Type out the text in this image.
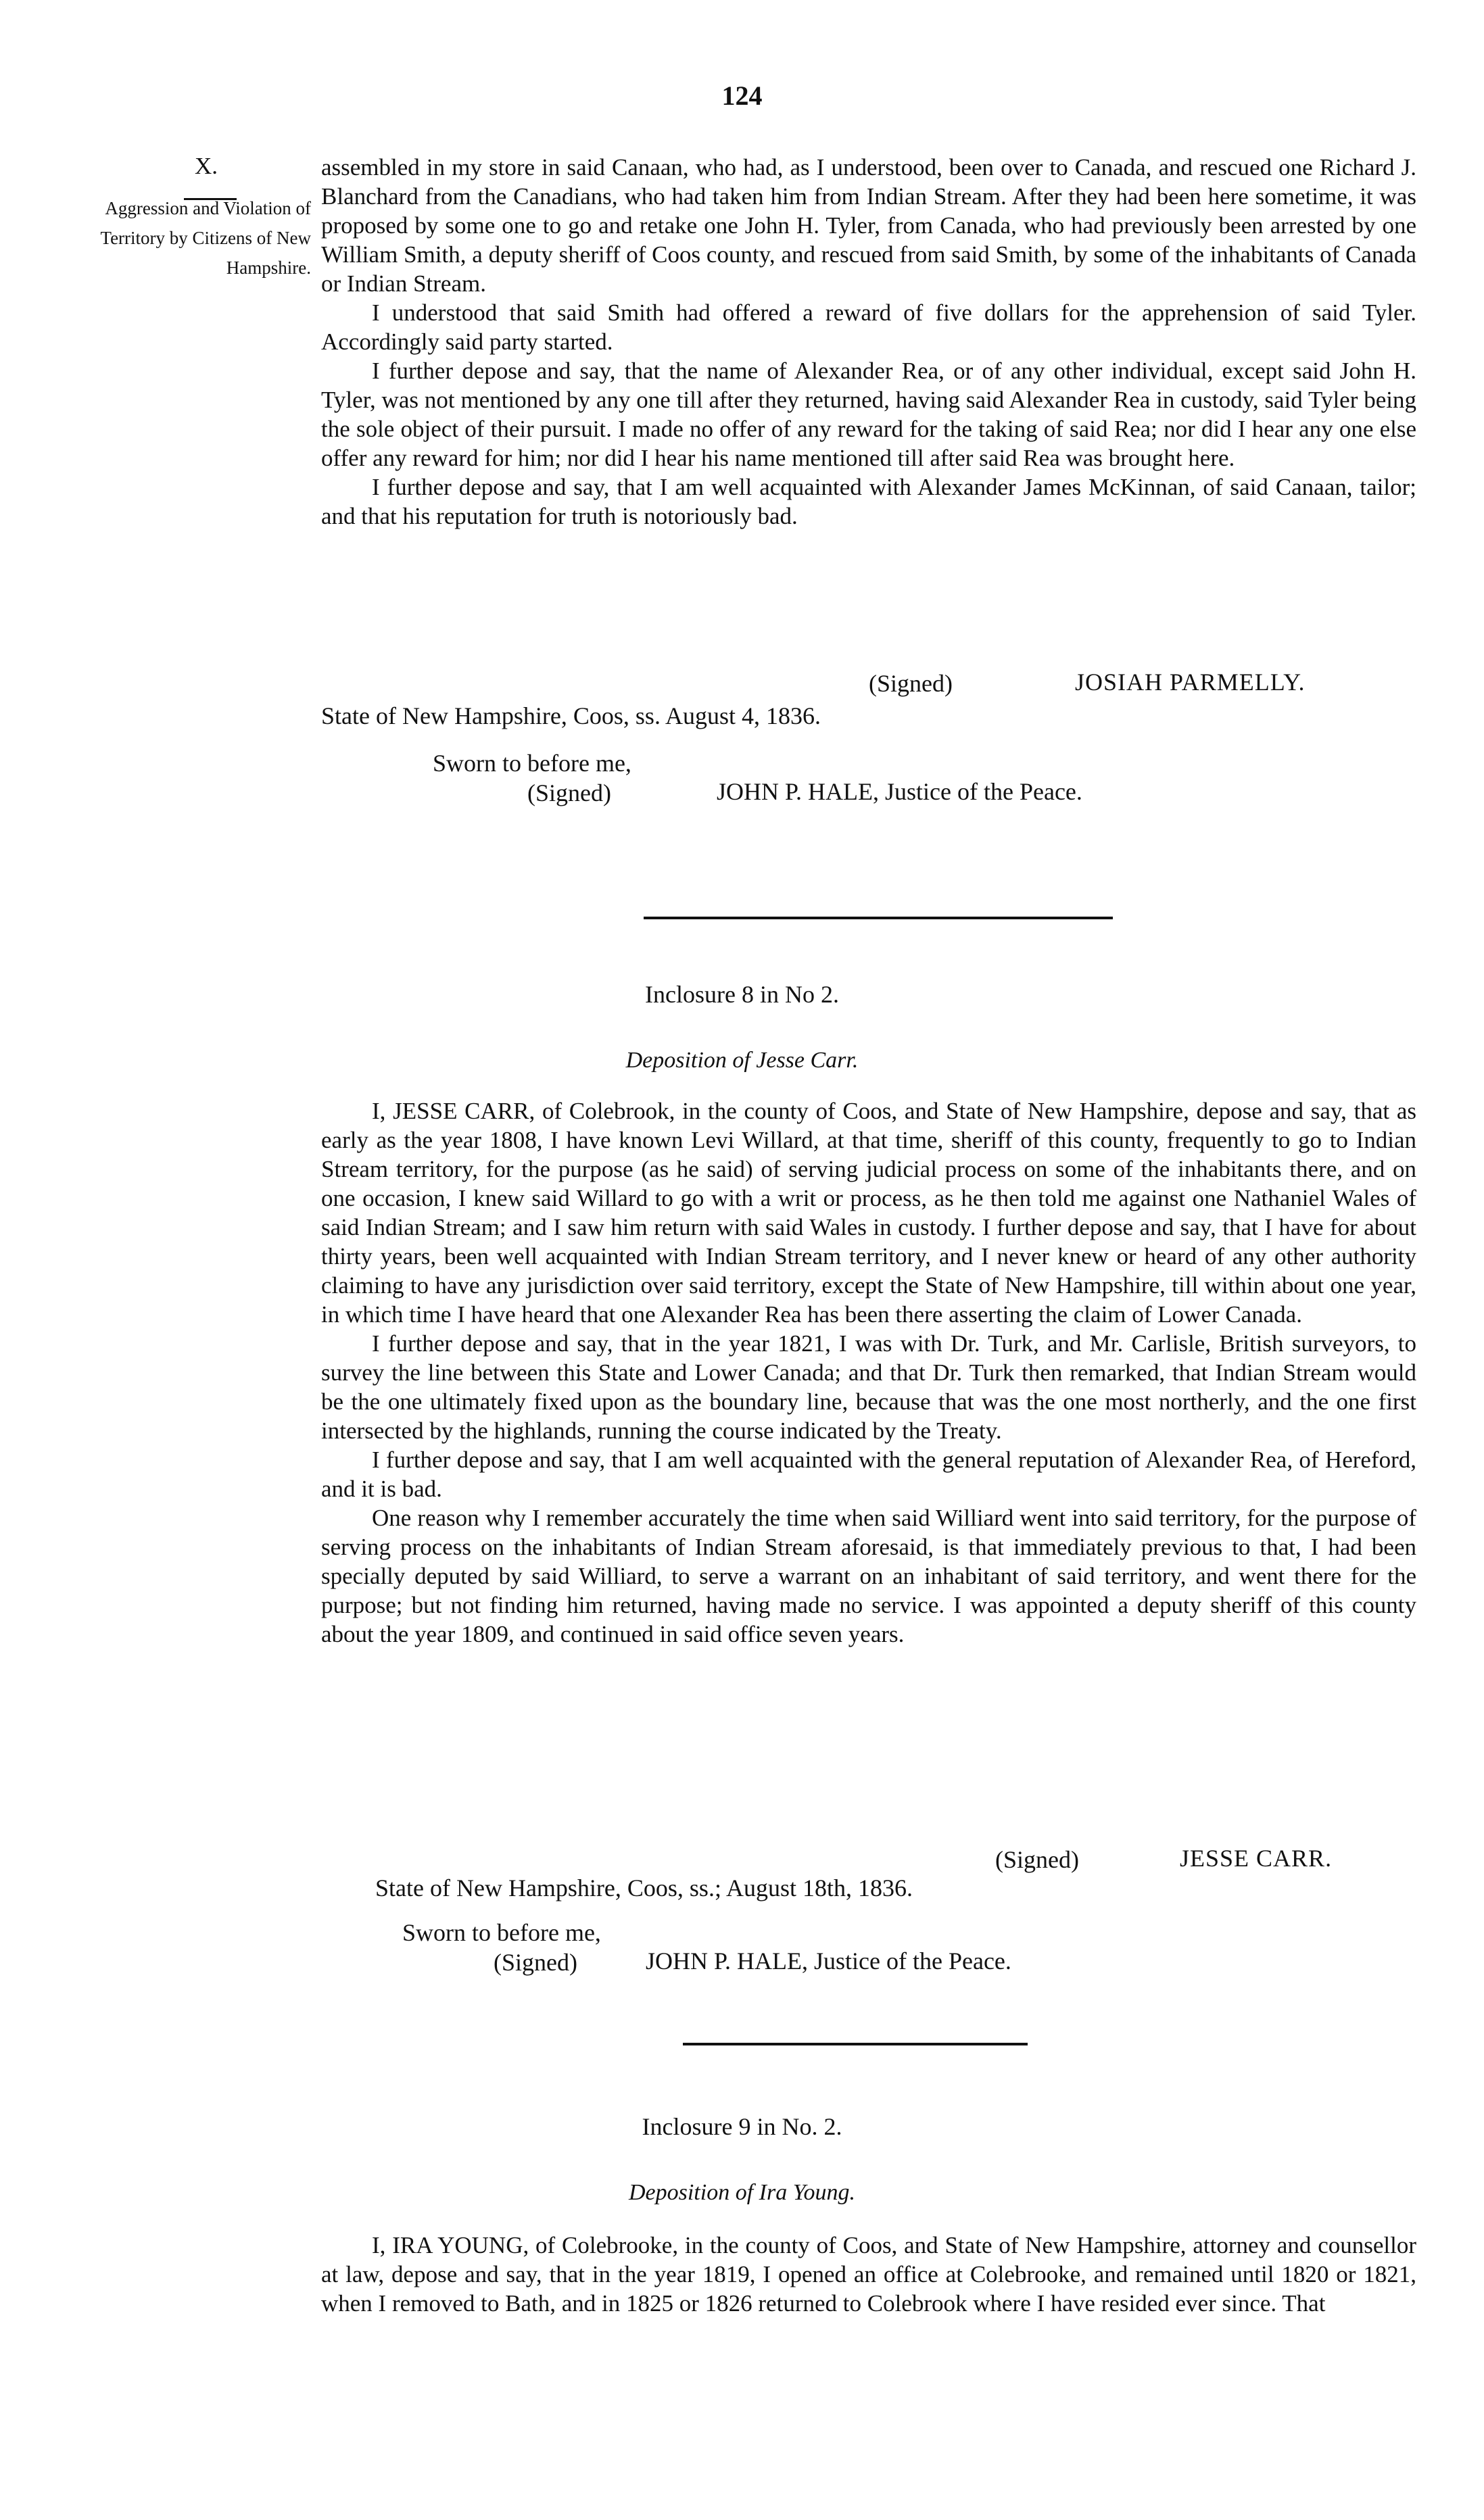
124
X.
Aggression and Violation of Territory by Citizens of New Hampshire.

assembled in my store in said Canaan, who had, as I understood, been over to Canada, and rescued one Richard J. Blanchard from the Canadians, who had taken him from Indian Stream. After they had been here sometime, it was proposed by some one to go and retake one John H. Tyler, from Canada, who had previously been arrested by one William Smith, a deputy sheriff of Coos county, and rescued from said Smith, by some of the inhabitants of Canada or Indian Stream.

I understood that said Smith had offered a reward of five dollars for the apprehension of said Tyler. Accordingly said party started.

I further depose and say, that the name of Alexander Rea, or of any other individual, except said John H. Tyler, was not mentioned by any one till after they returned, having said Alexander Rea in custody, said Tyler being the sole object of their pursuit. I made no offer of any reward for the taking of said Rea; nor did I hear any one else offer any reward for him; nor did I hear his name mentioned till after said Rea was brought here.

I further depose and say, that I am well acquainted with Alexander James McKinnan, of said Canaan, tailor; and that his reputation for truth is notoriously bad.

(Signed)	JOSIAH PARMELLY.
State of New Hampshire, Coos, ss. August 4, 1836.
Sworn to before me,
(Signed)	JOHN P. HALE, Justice of the Peace.
Inclosure 8 in No 2.
Deposition of Jesse Carr.

I, JESSE CARR, of Colebrook, in the county of Coos, and State of New Hampshire, depose and say, that as early as the year 1808, I have known Levi Willard, at that time, sheriff of this county, frequently to go to Indian Stream territory, for the purpose (as he said) of serving judicial process on some of the inhabitants there, and on one occasion, I knew said Willard to go with a writ or process, as he then told me against one Nathaniel Wales of said Indian Stream; and I saw him return with said Wales in custody. I further depose and say, that I have for about thirty years, been well acquainted with Indian Stream territory, and I never knew or heard of any other authority claiming to have any jurisdiction over said territory, except the State of New Hampshire, till within about one year, in which time I have heard that one Alexander Rea has been there asserting the claim of Lower Canada.

I further depose and say, that in the year 1821, I was with Dr. Turk, and Mr. Carlisle, British surveyors, to survey the line between this State and Lower Canada; and that Dr. Turk then remarked, that Indian Stream would be the one ultimately fixed upon as the boundary line, because that was the one most northerly, and the one first intersected by the highlands, running the course indicated by the Treaty.

I further depose and say, that I am well acquainted with the general reputation of Alexander Rea, of Hereford, and it is bad.

One reason why I remember accurately the time when said Williard went into said territory, for the purpose of serving process on the inhabitants of Indian Stream aforesaid, is that immediately previous to that, I had been specially deputed by said Williard, to serve a warrant on an inhabitant of said territory, and went there for the purpose; but not finding him returned, having made no service. I was appointed a deputy sheriff of this county about the year 1809, and continued in said office seven years.

(Signed)	JESSE CARR.
State of New Hampshire, Coos, ss.; August 18th, 1836.
Sworn to before me,
(Signed)	JOHN P. HALE, Justice of the Peace.
Inclosure 9 in No. 2.
Deposition of Ira Young.

I, IRA YOUNG, of Colebrooke, in the county of Coos, and State of New Hampshire, attorney and counsellor at law, depose and say, that in the year 1819, I opened an office at Colebrooke, and remained until 1820 or 1821, when I removed to Bath, and in 1825 or 1826 returned to Colebrook where I have resided ever since. That
